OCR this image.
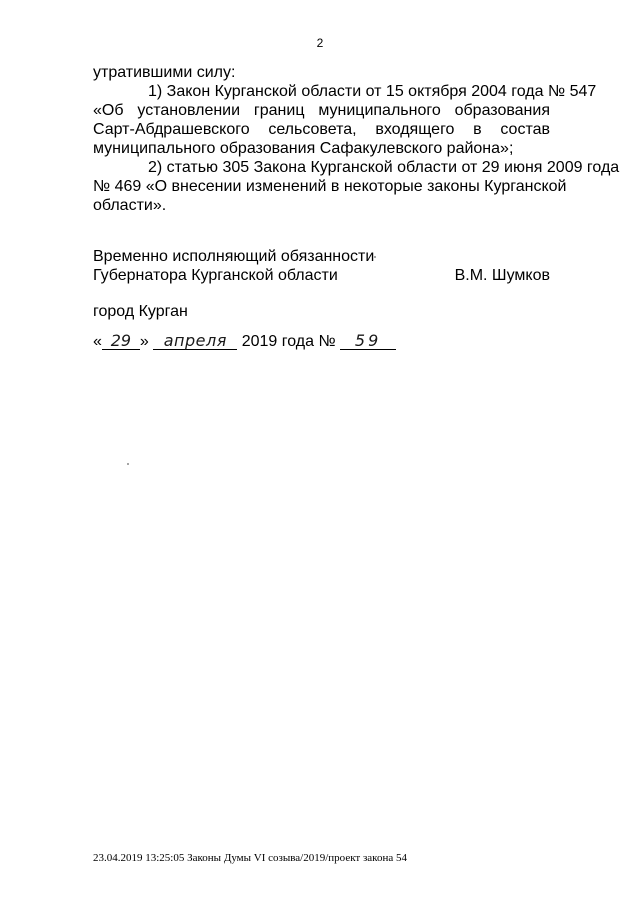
2
утратившими силу:
1) Закон Курганской области от 15 октября 2004 года № 547
«Об установлении границ муниципального образования
Сарт-Абдрашевского сельсовета, входящего в состав
муниципального образования Сафакулевского района»;
2) статью 305 Закона Курганской области от 29 июня 2009 года
№ 469 «О внесении изменений в некоторые законы Курганской
области».
Временно исполняющий обязанности
Губернатора Курганской области	В.М. Шумков
город Курган
« 29 » апреля 2019 года № 59
23.04.2019 13:25:05 Законы Думы VI созыва/2019/проект закона 54
